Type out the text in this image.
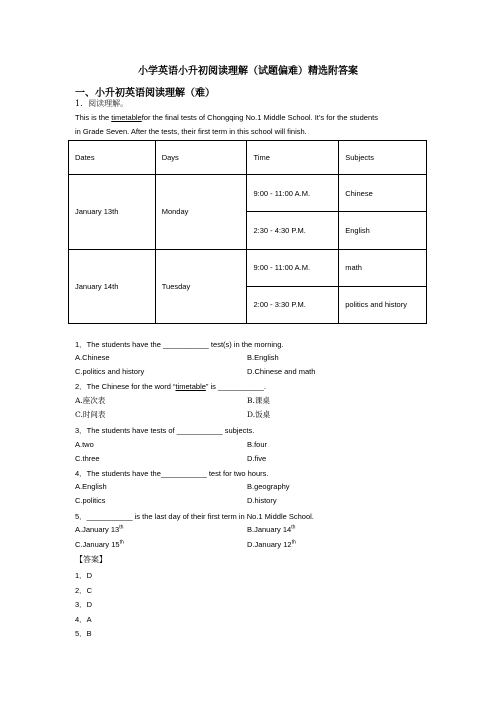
小学英语小升初阅读理解（试题偏难）精选附答案
一、小升初英语阅读理解（难）
1．阅读理解。
This is the timetablefor the final tests of Chongqing No.1 Middle School. It’s for the students
in Grade Seven. After the tests, their first term in this school will finish.
Dates	Days	Time	Subjects
January 13th	Monday	9:00 - 11:00 A.M.	Chinese
		2:30 - 4:30 P.M.	English
January 14th	Tuesday	9:00 - 11:00 A.M.	math
		2:00 - 3:30 P.M.	politics and history
1．The students have the ___________ test(s) in the morning.
A.Chinese	B.English
C.politics and history	D.Chinese and math
2．The Chinese for the word “timetable” is ___________.
A.座次表	B.课桌
C.时间表	D.饭桌
3．The students have tests of ___________ subjects.
A.two	B.four
C.three	D.five
4．The students have the___________ test for two hours.
A.English	B.geography
C.politics	D.history
5．___________ is the last day of their first term in No.1 Middle School.
A.January 13th	B.January 14th
C.January 15th	D.January 12th
【答案】
1．D
2．C
3．D
4．A
5．B
